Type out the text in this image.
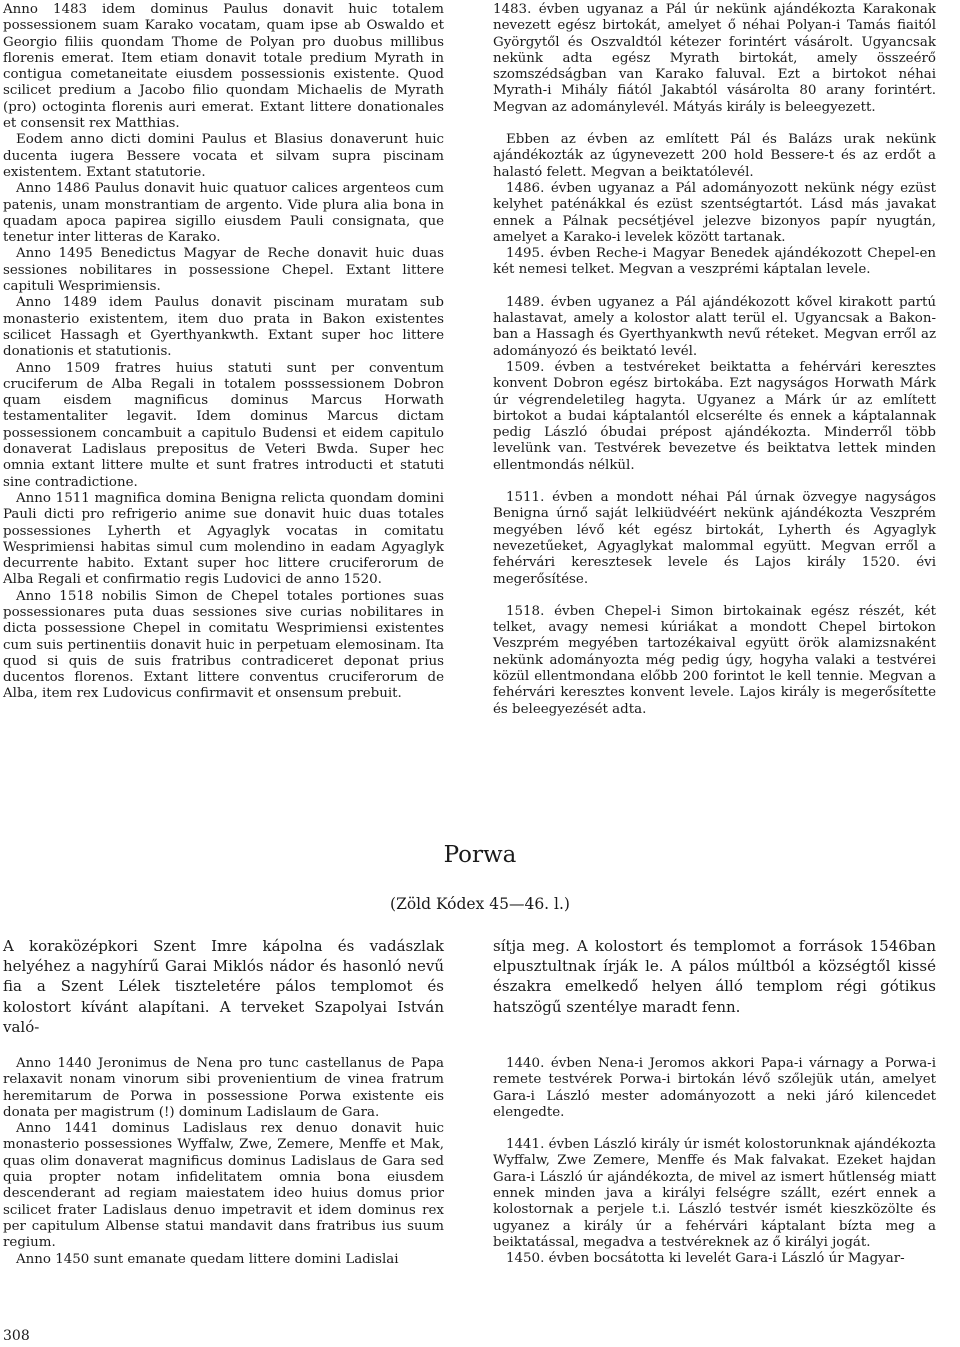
Anno 1483 idem dominus Paulus donavit huic totalem possessionem suam Karako vocatam, quam ipse ab Oswaldo et Georgio filiis quondam Thome de Polyan pro duobus millibus florenis emerat. Item etiam donavit totale predium Myrath in contigua cometaneitate eiusdem possessionis existente. Quod scilicet predium a Jacobo filio quondam Michaelis de Myrath (pro) octoginta florenis auri emerat. Extant littere donationales et consensit rex Matthias.

Eodem anno dicti domini Paulus et Blasius donaverunt huic ducenta iugera Bessere vocata et silvam supra piscinam existentem. Extant statutorie.

Anno 1486 Paulus donavit huic quatuor calices argenteos cum patenis, unam monstrantiam de argento. Vide plura alia bona in quadam apoca papirea sigillo eiusdem Pauli consignata, que tenetur inter litteras de Karako.

Anno 1495 Benedictus Magyar de Reche donavit huic duas sessiones nobilitares in possessione Chepel. Extant littere capituli Wesprimiensis.

Anno 1489 idem Paulus donavit piscinam muratam sub monasterio existentem, item duo prata in Bakon existentes scilicet Hassagh et Gyerthyankwth. Extant super hoc littere donationis et statutionis.

Anno 1509 fratres huius statuti sunt per conventum cruciferum de Alba Regali in totalem posssessionem Dobron quam eisdem magnificus dominus Marcus Horwath testamentaliter legavit. Idem dominus Marcus dictam possessionem concambuit a capitulo Budensi et eidem capitulo donaverat Ladislaus prepositus de Veteri Bwda. Super hec omnia extant littere multe et sunt fratres introducti et statuti sine contradictione.

Anno 1511 magnifica domina Benigna relicta quondam domini Pauli dicti pro refrigerio anime sue donavit huic duas totales possessiones Lyherth et Agyaglyk vocatas in comitatu Wesprimiensi habitas simul cum molendino in eadam Agyaglyk decurrente habito. Extant super hoc littere cruciferorum de Alba Regali et confirmatio regis Ludovici de anno 1520.

Anno 1518 nobilis Simon de Chepel totales portiones suas possessionares puta duas sessiones sive curias nobilitares in dicta possessione Chepel in comitatu Wesprimiensi existentes cum suis pertinentiis donavit huic in perpetuam elemosinam. Ita quod si quis de suis fratribus contradiceret deponat prius ducentos florenos. Extant littere conventus cruciferorum de Alba, item rex Ludovicus confirmavit et onsensum prebuit.

1483. évben ugyanaz a Pál úr nekünk ajándékozta Karakonak nevezett egész birtokát, amelyet ő néhai Polyan-i Tamás fiaitól Györgytől és Oszvaldtól kétezer forintért vásárolt. Ugyancsak nekünk adta egész Myrath birtokát, amely összeérő szomszédságban van Karako faluval. Ezt a birtokot néhai Myrath-i Mihály fiától Jakabtól vásárolta 80 arany forintért. Megvan az adománylevél. Mátyás király is beleegyezett.

Ebben az évben az említett Pál és Balázs urak nekünk ajándékozták az úgynevezett 200 hold Bessere-t és az erdőt a halastó felett. Megvan a beiktatólevél.

1486. évben ugyanaz a Pál adományozott nekünk négy ezüst kelyhet paténákkal és ezüst szentségtartót. Lásd más javakat ennek a Pálnak pecsétjével jelezve bizonyos papír nyugtán, amelyet a Karako-i levelek között tartanak.

1495. évben Reche-i Magyar Benedek ajándékozott Chepel-en két nemesi telket. Megvan a veszprémi káptalan levele.

1489. évben ugyanez a Pál ajándékozott kővel kirakott partú halastavat, amely a kolostor alatt terül el. Ugyancsak a Bakon-ban a Hassagh és Gyerthyankwth nevű réteket. Megvan erről az adományozó és beiktató levél.

1509. évben a testvéreket beiktatta a fehérvári keresztes konvent Dobron egész birtokába. Ezt nagyságos Horwath Márk úr végrendeletileg hagyta. Ugyanez a Márk úr az említett birtokot a budai káptalantól elcserélte és ennek a káptalannak pedig László óbudai prépost ajándékozta. Minderről több levelünk van. Testvérek bevezetve és beiktatva lettek minden ellentmondás nélkül.

1511. évben a mondott néhai Pál úrnak özvegye nagyságos Benigna úrnő saját lelkiüdvéért nekünk ajándékozta Veszprém megyében lévő két egész birtokát, Lyherth és Agyaglyk nevezetűeket, Agyaglykat malommal együtt. Megvan erről a fehérvári keresztesek levele és Lajos király 1520. évi megerősítése.

1518. évben Chepel-i Simon birtokainak egész részét, két telket, avagy nemesi kúriákat a mondott Chepel birtokon Veszprém megyében tartozékaival együtt örök alamizsnaként nekünk adományozta még pedig úgy, hogyha valaki a testvérei közül ellentmondana előbb 200 forintot le kell tennie. Megvan a fehérvári keresztes konvent levele. Lajos király is megerősítette és beleegyezését adta.

Porwa
(Zöld Kódex 45—46. l.)

A koraközépkori Szent Imre kápolna és vadászlak helyéhez a nagyhírű Garai Miklós nádor és hasonló nevű fia a Szent Lélek tiszteletére pálos templomot és kolostort kívánt alapítani. A terveket Szapolyai István való-

sítja meg. A kolostort és templomot a források 1546ban elpusztultnak írják le. A pálos múltból a községtől kissé északra emelkedő helyen álló templom régi gótikus hatszögű szentélye maradt fenn.

Anno 1440 Jeronimus de Nena pro tunc castellanus de Papa relaxavit nonam vinorum sibi provenientium de vinea fratrum heremitarum de Porwa in possessione Porwa existente eis donata per magistrum (!) dominum Ladislaum de Gara.

Anno 1441 dominus Ladislaus rex denuo donavit huic monasterio possessiones Wyffalw, Zwe, Zemere, Menffe et Mak, quas olim donaverat magnificus dominus Ladislaus de Gara sed quia propter notam infidelitatem omnia bona eiusdem descenderant ad regiam maiestatem ideo huius domus prior scilicet frater Ladislaus denuo impetravit et idem dominus rex per capitulum Albense statui mandavit dans fratribus ius suum regium.

Anno 1450 sunt emanate quedam littere domini Ladislai

1440. évben Nena-i Jeromos akkori Papa-i várnagy a Porwa-i remete testvérek Porwa-i birtokán lévő szőlejük után, amelyet Gara-i László mester adományozott a neki járó kilencedet elengedte.

1441. évben László király úr ismét kolostorunknak ajándékozta Wyffalw, Zwe Zemere, Menffe és Mak falvakat. Ezeket hajdan Gara-i László úr ajándékozta, de mivel az ismert hűtlenség miatt ennek minden java a királyi felségre szállt, ezért ennek a kolostornak a perjele t.i. László testvér ismét kieszközölte és ugyanez a király úr a fehérvári káptalant bízta meg a beiktatással, megadva a testvéreknek az ő királyi jogát.

1450. évben bocsátotta ki levelét Gara-i László úr Magyar-

308
